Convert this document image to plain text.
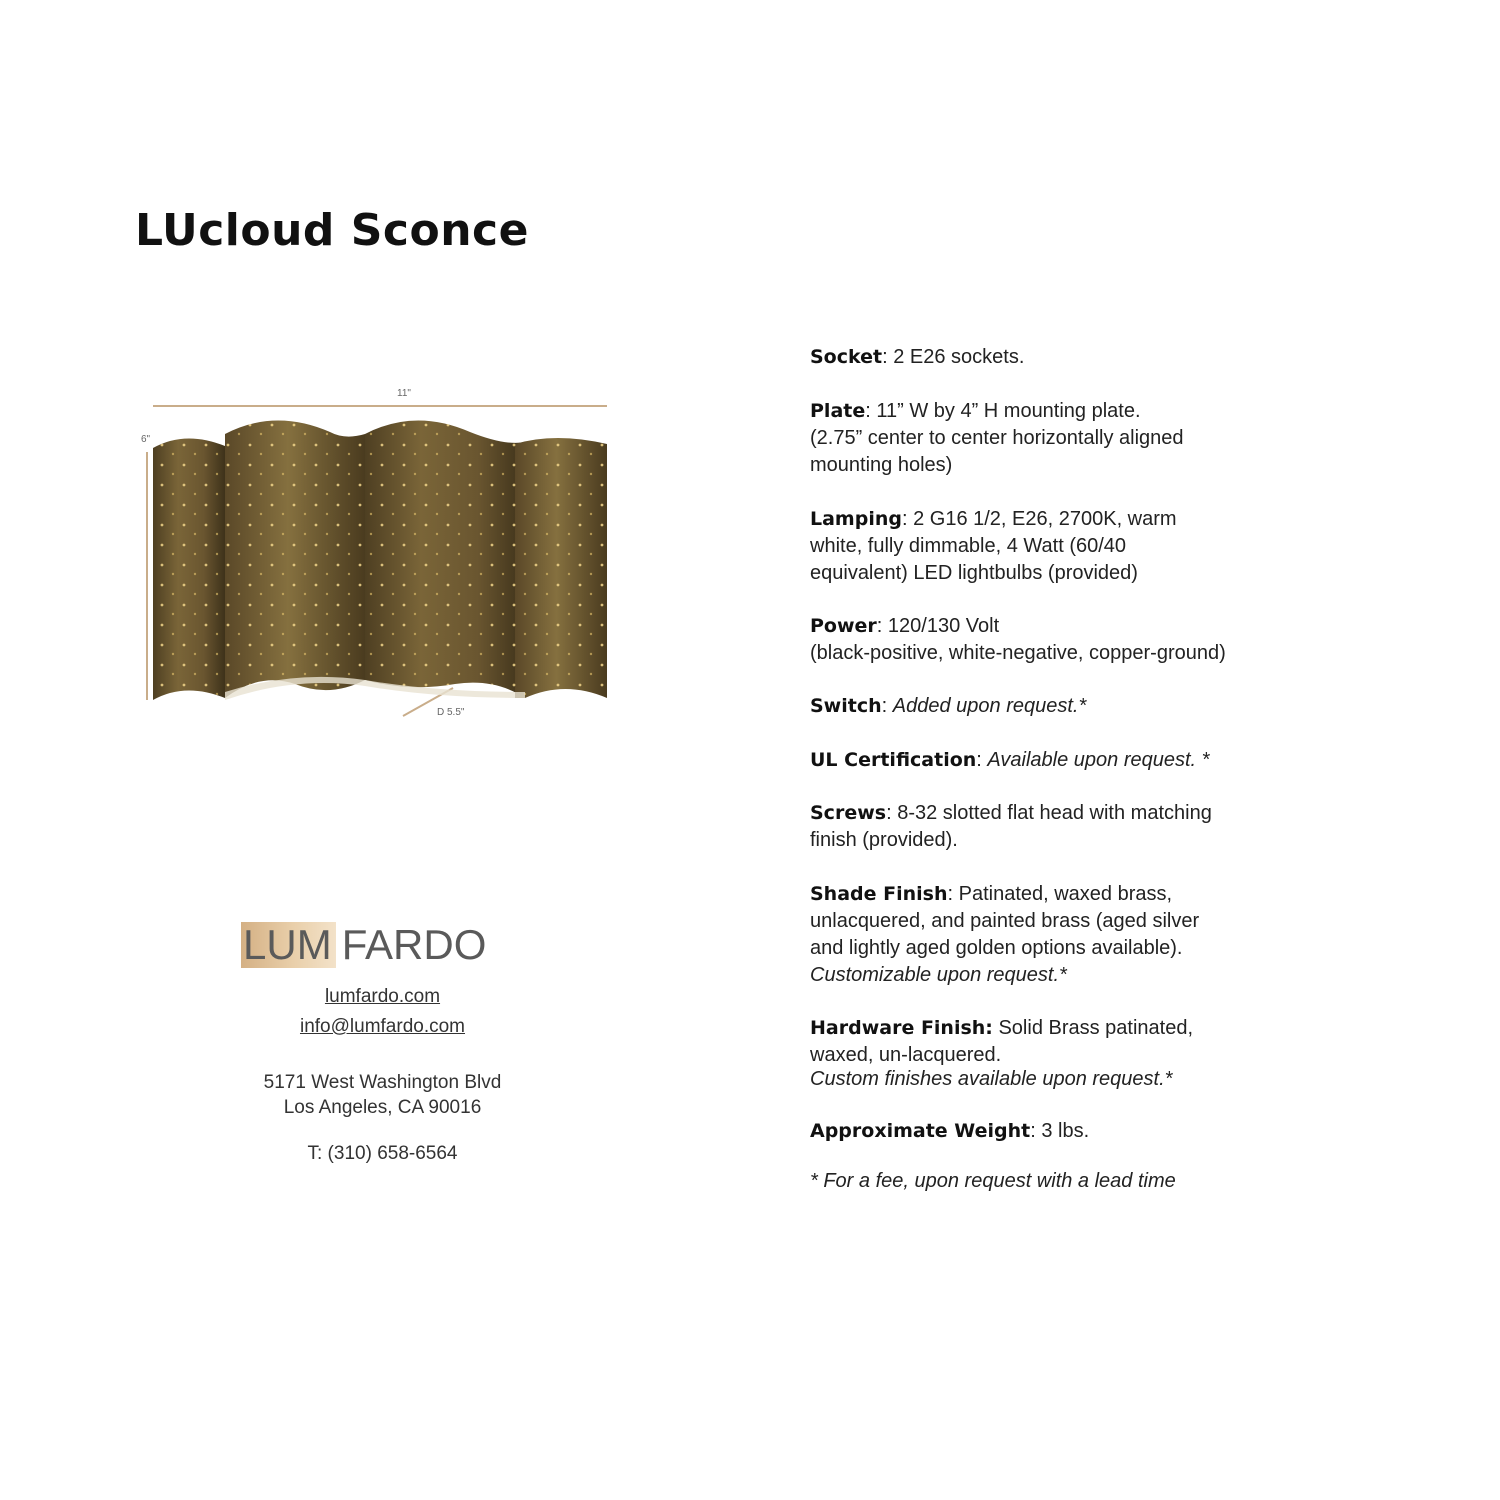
LUcloud Sconce
11"
6"
D 5.5"
LUM FARDO
lumfardo.com
info@lumfardo.com
5171 West Washington Blvd
Los Angeles, CA 90016
T: (310) 658-6564
Socket: 2 E26 sockets.
Plate: 11” W by 4” H mounting plate.
(2.75” center to center horizontally aligned
mounting holes)
Lamping: 2 G16 1/2, E26, 2700K, warm
white, fully dimmable, 4 Watt (60/40
equivalent) LED lightbulbs (provided)
Power: 120/130 Volt
(black-positive, white-negative, copper-ground)
Switch: Added upon request.*
UL Certification: Available upon request. *
Screws: 8-32 slotted flat head with matching
finish (provided).
Shade Finish: Patinated, waxed brass,
unlacquered, and painted brass (aged silver
and lightly aged golden options available).
Customizable upon request.*
Hardware Finish: Solid Brass patinated,
waxed, un-lacquered.
Custom finishes available upon request.*
Approximate Weight: 3 lbs.
* For a fee, upon request with a lead time
